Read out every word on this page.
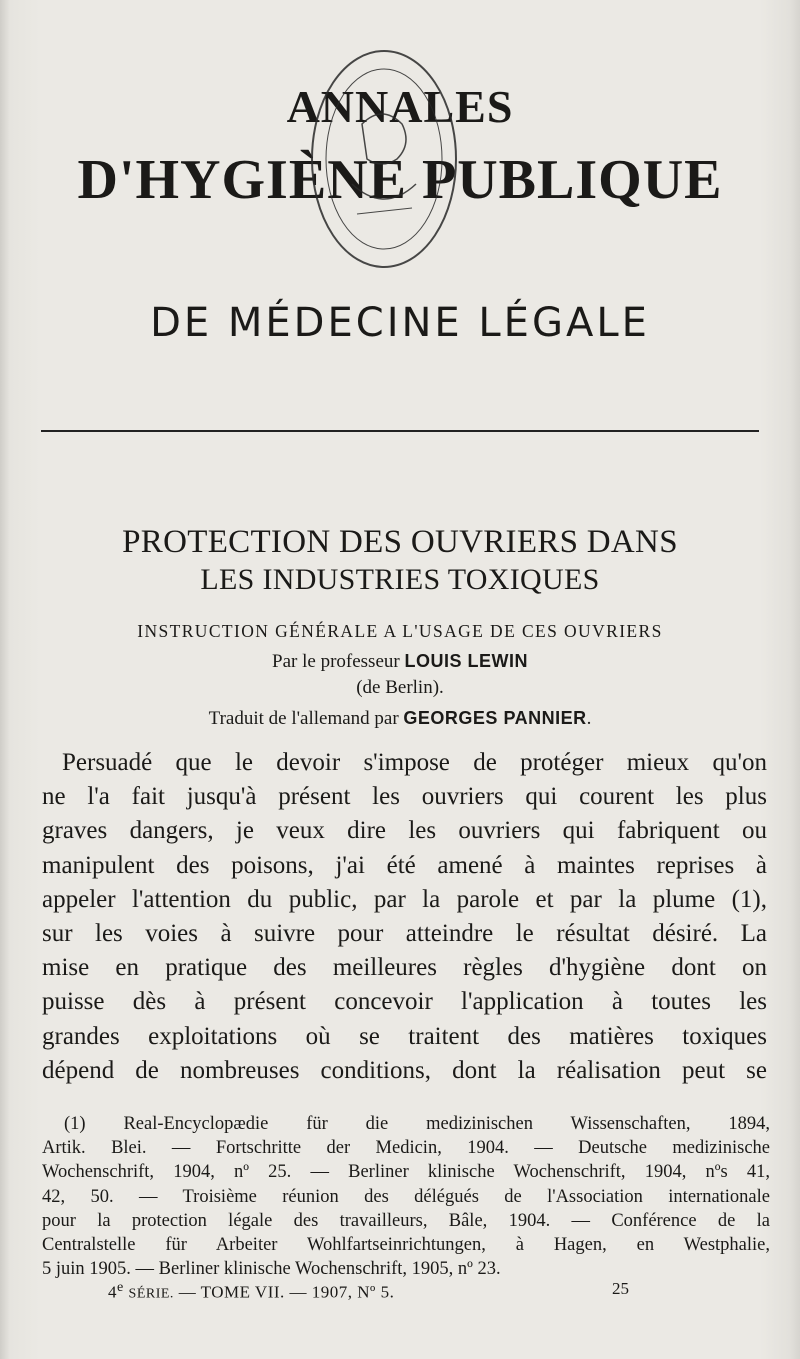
ANNALES
D'HYGIÈNE PUBLIQUE
DE MÉDECINE LÉGALE
PROTECTION DES OUVRIERS DANS
LES INDUSTRIES TOXIQUES
INSTRUCTION GÉNÉRALE A L'USAGE DE CES OUVRIERS
Par le professeur LOUIS LEWIN
(de Berlin).
Traduit de l'allemand par GEORGES PANNIER.
Persuadé que le devoir s'impose de protéger mieux qu'on
ne l'a fait jusqu'à présent les ouvriers qui courent les plus
graves dangers, je veux dire les ouvriers qui fabriquent ou
manipulent des poisons, j'ai été amené à maintes reprises à
appeler l'attention du public, par la parole et par la plume (1),
sur les voies à suivre pour atteindre le résultat désiré. La
mise en pratique des meilleures règles d'hygiène dont on
puisse dès à présent concevoir l'application à toutes les
grandes exploitations où se traitent des matières toxiques
dépend de nombreuses conditions, dont la réalisation peut se
(1) Real-Encyclopædie für die medizinischen Wissenschaften, 1894,
Artik. Blei. — Fortschritte der Medicin, 1904. — Deutsche medizinische
Wochenschrift, 1904, nº 25. — Berliner klinische Wochenschrift, 1904, nºs 41,
42, 50. — Troisième réunion des délégués de l'Association internationale
pour la protection légale des travailleurs, Bâle, 1904. — Conférence de la
Centralstelle für Arbeiter Wohlfartseinrichtungen, à Hagen, en Westphalie,
5 juin 1905. — Berliner klinische Wochenschrift, 1905, nº 23.
4e SÉRIE. — TOME VII. — 1907, Nº 5.	25
